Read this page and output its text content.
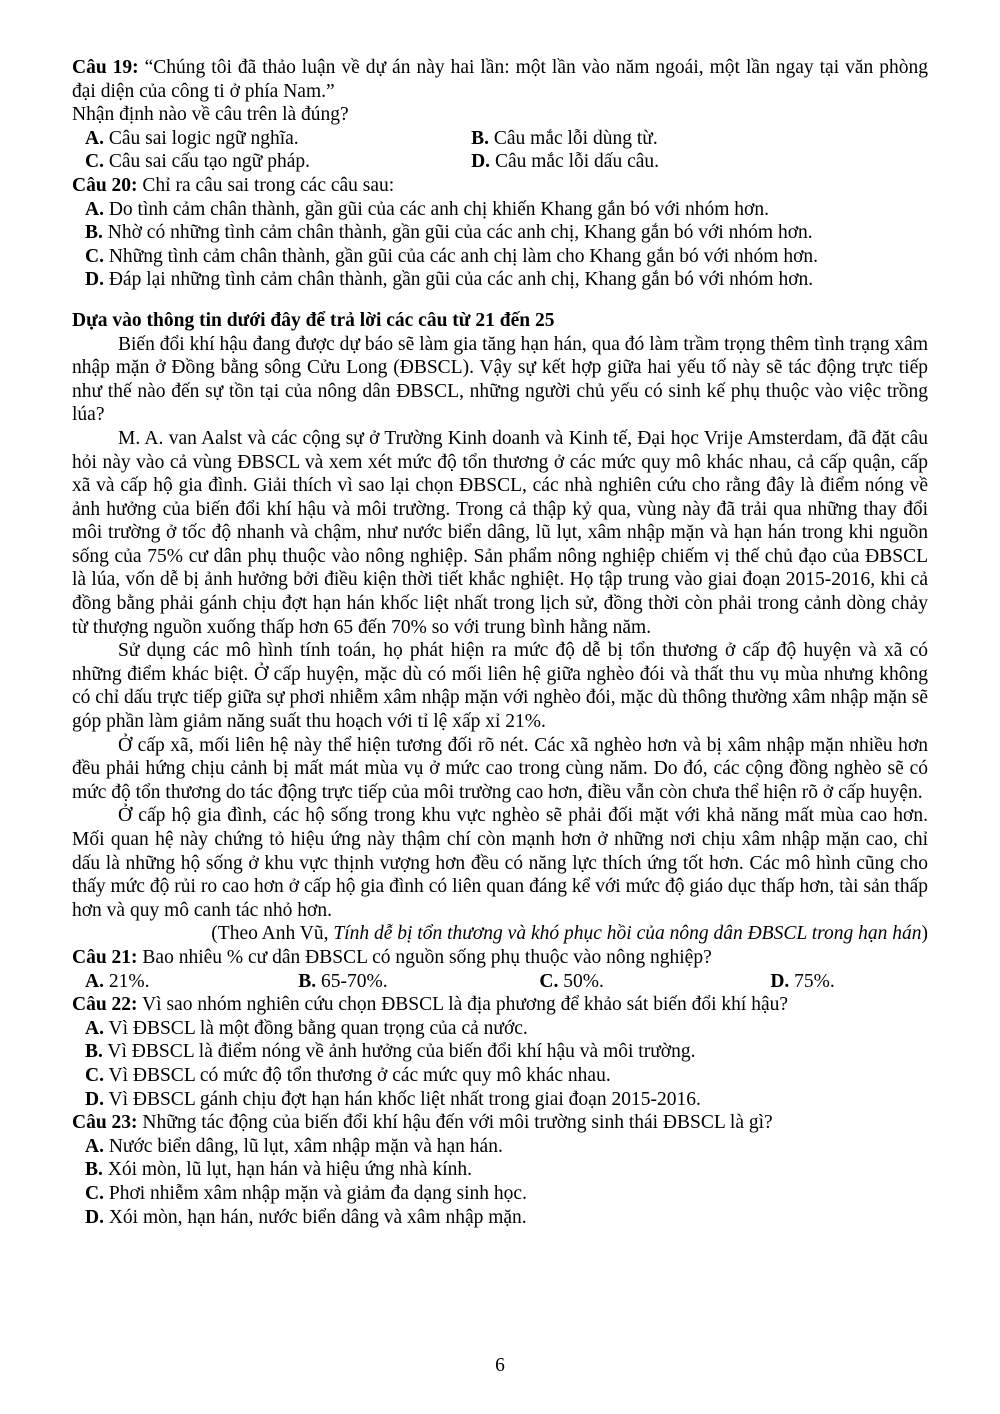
Câu 19: “Chúng tôi đã thảo luận về dự án này hai lần: một lần vào năm ngoái, một lần ngay tại văn phòng đại diện của công ti ở phía Nam.”

Nhận định nào về câu trên là đúng?

A. Câu sai logic ngữ nghĩa.	B. Câu mắc lỗi dùng từ.

C. Câu sai cấu tạo ngữ pháp.	D. Câu mắc lỗi dấu câu.

Câu 20: Chỉ ra câu sai trong các câu sau:

A. Do tình cảm chân thành, gần gũi của các anh chị khiến Khang gắn bó với nhóm hơn.

B. Nhờ có những tình cảm chân thành, gần gũi của các anh chị, Khang gắn bó với nhóm hơn.

C. Những tình cảm chân thành, gần gũi của các anh chị làm cho Khang gắn bó với nhóm hơn.

D. Đáp lại những tình cảm chân thành, gần gũi của các anh chị, Khang gắn bó với nhóm hơn.

Dựa vào thông tin dưới đây để trả lời các câu từ 21 đến 25

Biến đổi khí hậu đang được dự báo sẽ làm gia tăng hạn hán, qua đó làm trầm trọng thêm tình trạng xâm nhập mặn ở Đồng bằng sông Cửu Long (ĐBSCL). Vậy sự kết hợp giữa hai yếu tố này sẽ tác động trực tiếp như thế nào đến sự tồn tại của nông dân ĐBSCL, những người chủ yếu có sinh kế phụ thuộc vào việc trồng lúa?

M. A. van Aalst và các cộng sự ở Trường Kinh doanh và Kinh tế, Đại học Vrije Amsterdam, đã đặt câu hỏi này vào cả vùng ĐBSCL và xem xét mức độ tổn thương ở các mức quy mô khác nhau, cả cấp quận, cấp xã và cấp hộ gia đình. Giải thích vì sao lại chọn ĐBSCL, các nhà nghiên cứu cho rằng đây là điểm nóng về ảnh hưởng của biến đổi khí hậu và môi trường. Trong cả thập kỷ qua, vùng này đã trải qua những thay đổi môi trường ở tốc độ nhanh và chậm, như nước biển dâng, lũ lụt, xâm nhập mặn và hạn hán trong khi nguồn sống của 75% cư dân phụ thuộc vào nông nghiệp. Sản phẩm nông nghiệp chiếm vị thế chủ đạo của ĐBSCL là lúa, vốn dễ bị ảnh hưởng bởi điều kiện thời tiết khắc nghiệt. Họ tập trung vào giai đoạn 2015-2016, khi cả đồng bằng phải gánh chịu đợt hạn hán khốc liệt nhất trong lịch sử, đồng thời còn phải trong cảnh dòng chảy từ thượng nguồn xuống thấp hơn 65 đến 70% so với trung bình hằng năm.

Sử dụng các mô hình tính toán, họ phát hiện ra mức độ dễ bị tổn thương ở cấp độ huyện và xã có những điểm khác biệt. Ở cấp huyện, mặc dù có mối liên hệ giữa nghèo đói và thất thu vụ mùa nhưng không có chỉ dấu trực tiếp giữa sự phơi nhiễm xâm nhập mặn với nghèo đói, mặc dù thông thường xâm nhập mặn sẽ góp phần làm giảm năng suất thu hoạch với tỉ lệ xấp xỉ 21%.

Ở cấp xã, mối liên hệ này thể hiện tương đối rõ nét. Các xã nghèo hơn và bị xâm nhập mặn nhiều hơn đều phải hứng chịu cảnh bị mất mát mùa vụ ở mức cao trong cùng năm. Do đó, các cộng đồng nghèo sẽ có mức độ tổn thương do tác động trực tiếp của môi trường cao hơn, điều vẫn còn chưa thể hiện rõ ở cấp huyện.

Ở cấp hộ gia đình, các hộ sống trong khu vực nghèo sẽ phải đối mặt với khả năng mất mùa cao hơn. Mối quan hệ này chứng tỏ hiệu ứng này thậm chí còn mạnh hơn ở những nơi chịu xâm nhập mặn cao, chỉ dấu là những hộ sống ở khu vực thịnh vượng hơn đều có năng lực thích ứng tốt hơn. Các mô hình cũng cho thấy mức độ rủi ro cao hơn ở cấp hộ gia đình có liên quan đáng kể với mức độ giáo dục thấp hơn, tài sản thấp hơn và quy mô canh tác nhỏ hơn.

(Theo Anh Vũ, Tính dễ bị tổn thương và khó phục hồi của nông dân ĐBSCL trong hạn hán)

Câu 21: Bao nhiêu % cư dân ĐBSCL có nguồn sống phụ thuộc vào nông nghiệp?

A. 21%.	B. 65-70%.	C. 50%.	D. 75%.

Câu 22: Vì sao nhóm nghiên cứu chọn ĐBSCL là địa phương để khảo sát biến đổi khí hậu?

A. Vì ĐBSCL là một đồng bằng quan trọng của cả nước.

B. Vì ĐBSCL là điểm nóng về ảnh hưởng của biến đổi khí hậu và môi trường.

C. Vì ĐBSCL có mức độ tổn thương ở các mức quy mô khác nhau.

D. Vì ĐBSCL gánh chịu đợt hạn hán khốc liệt nhất trong giai đoạn 2015-2016.

Câu 23: Những tác động của biến đổi khí hậu đến với môi trường sinh thái ĐBSCL là gì?

A. Nước biển dâng, lũ lụt, xâm nhập mặn và hạn hán.

B. Xói mòn, lũ lụt, hạn hán và hiệu ứng nhà kính.

C. Phơi nhiễm xâm nhập mặn và giảm đa dạng sinh học.

D. Xói mòn, hạn hán, nước biển dâng và xâm nhập mặn.

6
